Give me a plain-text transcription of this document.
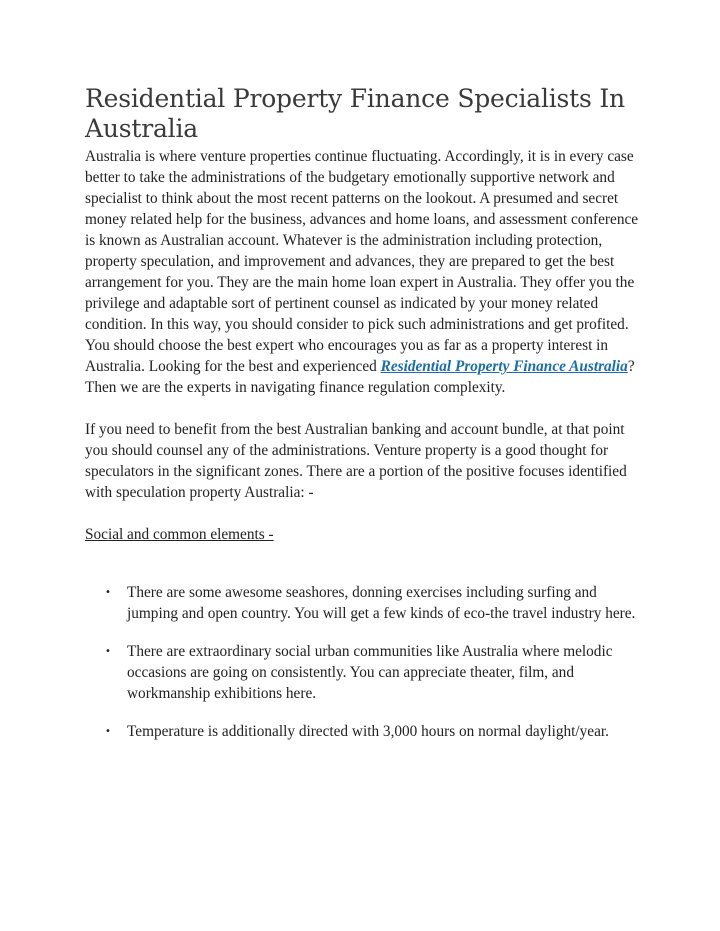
Residential Property Finance Specialists In Australia

Australia is where venture properties continue fluctuating. Accordingly, it is in every case better to take the administrations of the budgetary emotionally supportive network and specialist to think about the most recent patterns on the lookout. A presumed and secret money related help for the business, advances and home loans, and assessment conference is known as Australian account. Whatever is the administration including protection, property speculation, and improvement and advances, they are prepared to get the best arrangement for you. They are the main home loan expert in Australia. They offer you the privilege and adaptable sort of pertinent counsel as indicated by your money related condition. In this way, you should consider to pick such administrations and get profited. You should choose the best expert who encourages you as far as a property interest in Australia. Looking for the best and experienced Residential Property Finance Australia? Then we are the experts in navigating finance regulation complexity.

If you need to benefit from the best Australian banking and account bundle, at that point you should counsel any of the administrations. Venture property is a good thought for speculators in the significant zones. There are a portion of the positive focuses identified with speculation property Australia: -

Social and common elements -

• There are some awesome seashores, donning exercises including surfing and jumping and open country. You will get a few kinds of eco-the travel industry here.
• There are extraordinary social urban communities like Australia where melodic occasions are going on consistently. You can appreciate theater, film, and workmanship exhibitions here.
• Temperature is additionally directed with 3,000 hours on normal daylight/year.
